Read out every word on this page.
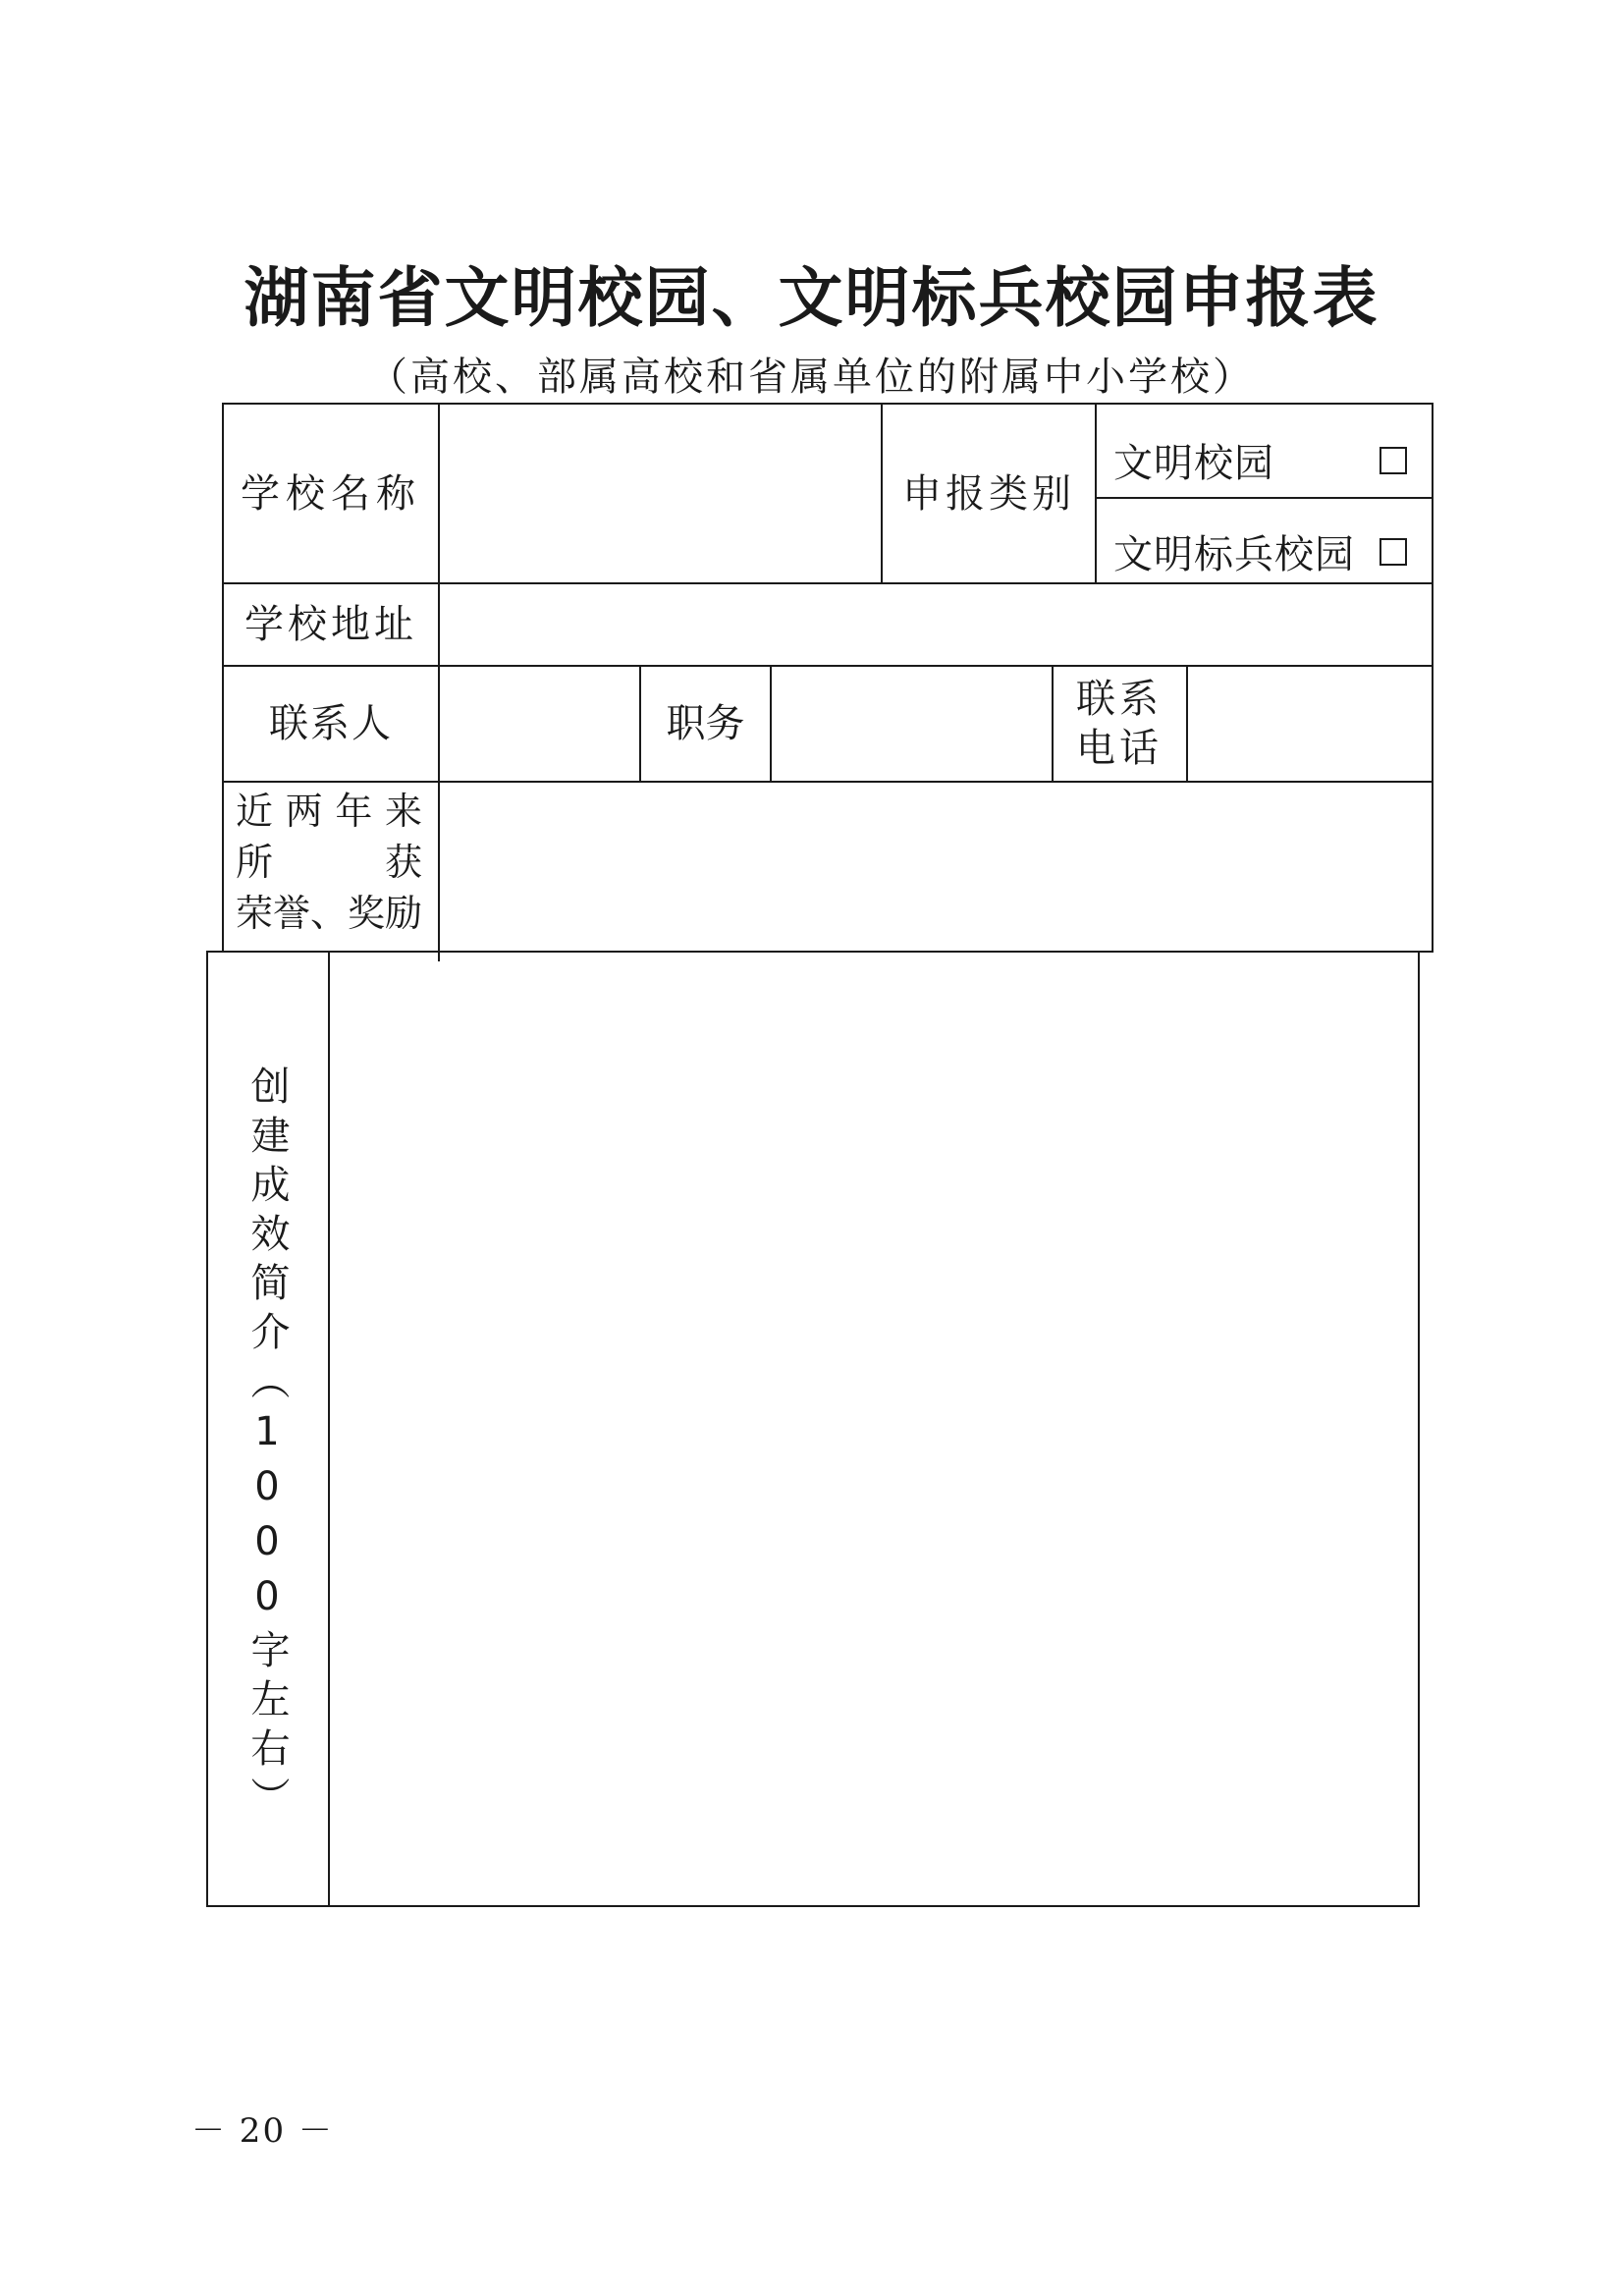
湖南省文明校园、文明标兵校园申报表
（高校、部属高校和省属单位的附属中小学校）
学校名称	申报类别
文明校园
文明标兵校园
学校地址
联系人	职务
联系电话
近两年来
所获
荣誉、奖励
创建成效简介（1000字左右）
－ 20 －
